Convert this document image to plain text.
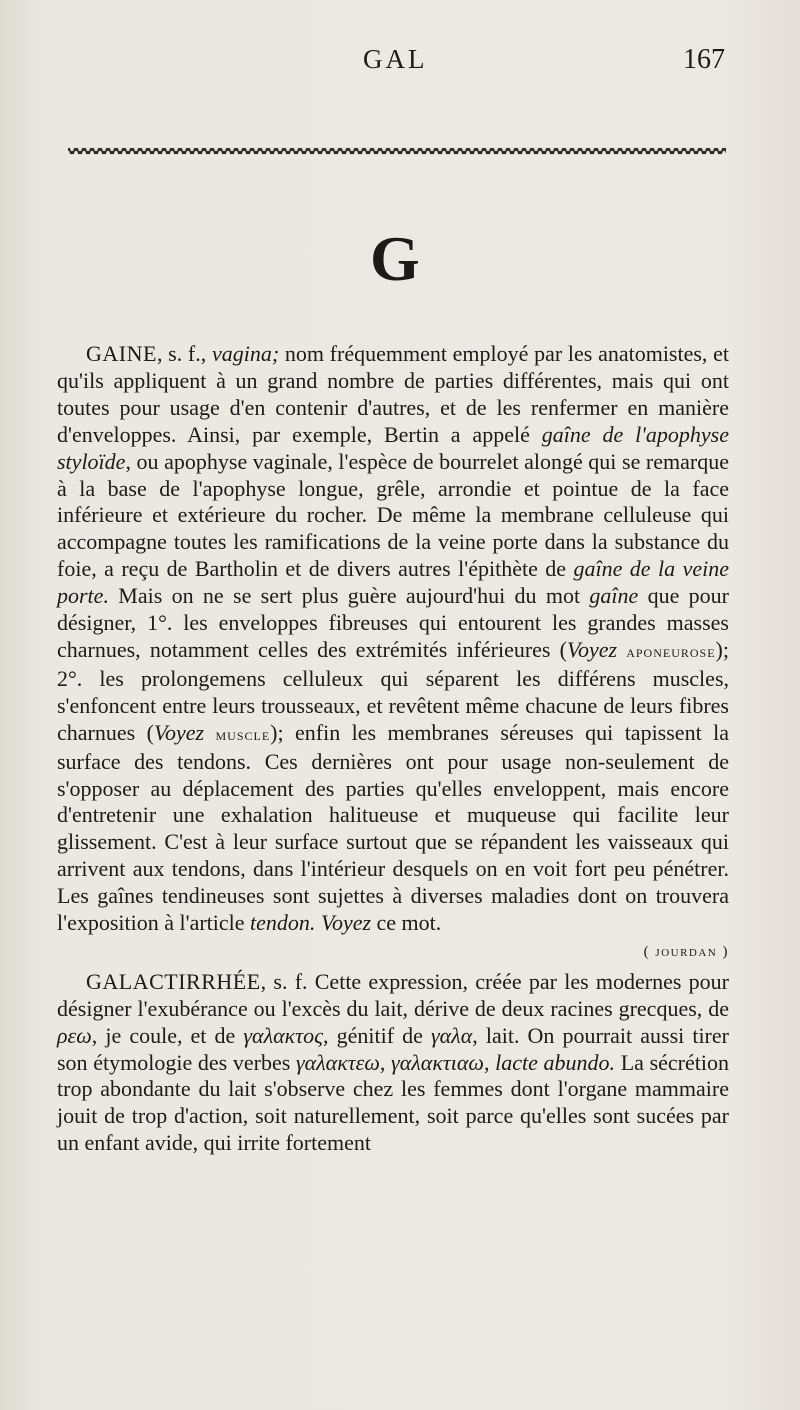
GAL	167
G

GAINE, s. f., vagina; nom fréquemment employé par les anatomistes, et qu'ils appliquent à un grand nombre de parties différentes, mais qui ont toutes pour usage d'en contenir d'autres, et de les renfermer en manière d'enveloppes. Ainsi, par exemple, Bertin a appelé gaîne de l'apophyse styloïde, ou apophyse vaginale, l'espèce de bourrelet alongé qui se remarque à la base de l'apophyse longue, grêle, arrondie et pointue de la face inférieure et extérieure du rocher. De même la membrane celluleuse qui accompagne toutes les ramifications de la veine porte dans la substance du foie, a reçu de Bartholin et de divers autres l'épithète de gaîne de la veine porte. Mais on ne se sert plus guère aujourd'hui du mot gaîne que pour désigner, 1°. les enveloppes fibreuses qui entourent les grandes masses charnues, notamment celles des extrémités inférieures (Voyez aponeurose); 2°. les prolongemens celluleux qui séparent les différens muscles, s'enfoncent entre leurs trousseaux, et revêtent même chacune de leurs fibres charnues (Voyez muscle); enfin les membranes séreuses qui tapissent la surface des tendons. Ces dernières ont pour usage non-seulement de s'opposer au déplacement des parties qu'elles enveloppent, mais encore d'entretenir une exhalation halitueuse et muqueuse qui facilite leur glissement. C'est à leur surface surtout que se répandent les vaisseaux qui arrivent aux tendons, dans l'intérieur desquels on en voit fort peu pénétrer. Les gaînes tendineuses sont sujettes à diverses maladies dont on trouvera l'exposition à l'article tendon. Voyez ce mot.

( jourdan )

GALACTIRRHÉE, s. f. Cette expression, créée par les modernes pour désigner l'exubérance ou l'excès du lait, dérive de deux racines grecques, de ρεω, je coule, et de γαλακτος, génitif de γαλα, lait. On pourrait aussi tirer son étymologie des verbes γαλακτεω, γαλακτιαω, lacte abundo. La sécrétion trop abondante du lait s'observe chez les femmes dont l'organe mammaire jouit de trop d'action, soit naturellement, soit parce qu'elles sont sucées par un enfant avide, qui irrite fortement
